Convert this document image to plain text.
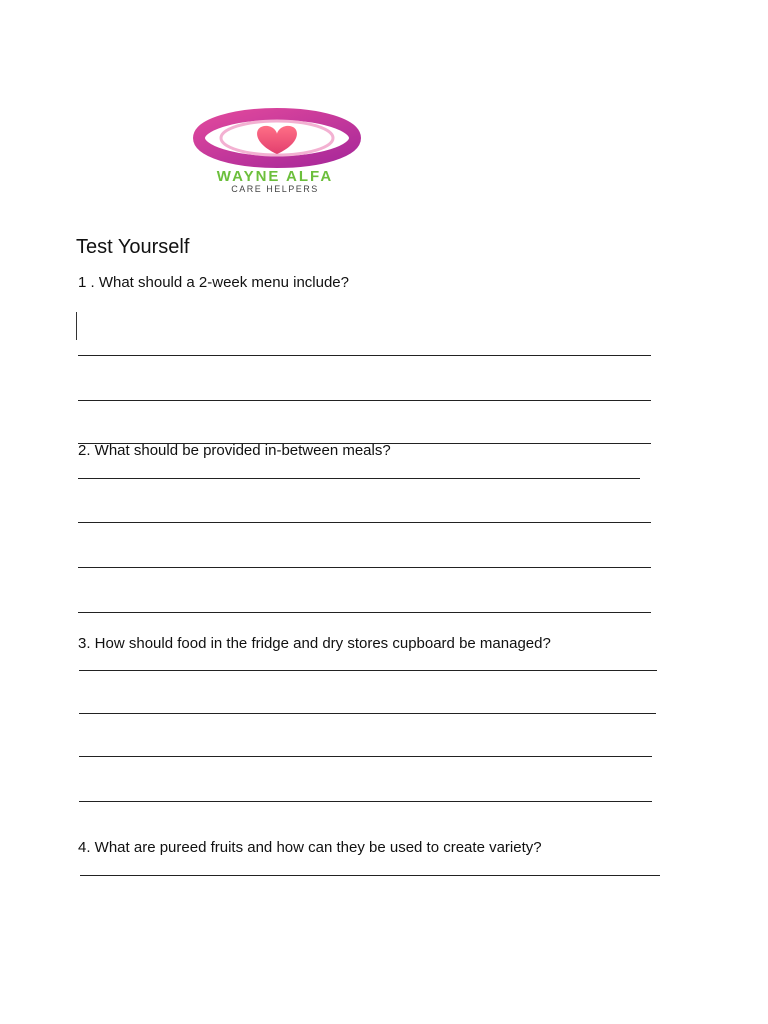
WAYNE ALFA
CARE HELPERS
Test Yourself
1 . What should a 2-week menu include?
2. What should be provided in-between meals?
3. How should food in the fridge and dry stores cupboard be managed?
4. What are pureed fruits and how can they be used to create variety?
